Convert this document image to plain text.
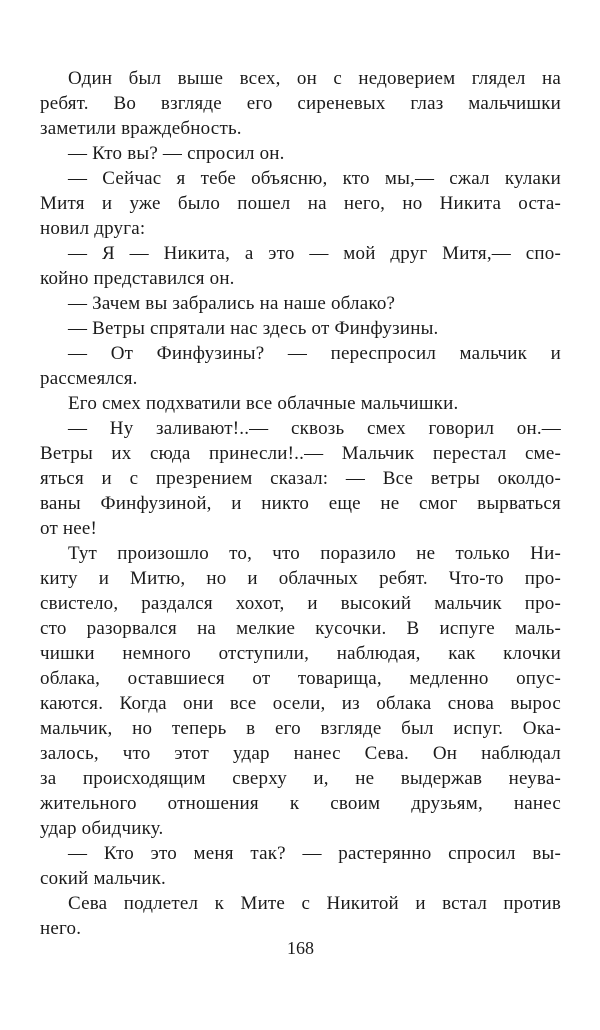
Один был выше всех, он с недоверием глядел на
ребят. Во взгляде его сиреневых глаз мальчишки
заметили враждебность.
— Кто вы? — спросил он.
— Сейчас я тебе объясню, кто мы,— сжал кулаки
Митя и уже было пошел на него, но Никита оста-
новил друга:
— Я — Никита, а это — мой друг Митя,— спо-
койно представился он.
— Зачем вы забрались на наше облако?
— Ветры спрятали нас здесь от Финфузины.
— От Финфузины? — переспросил мальчик и
рассмеялся.
Его смех подхватили все облачные мальчишки.
— Ну заливают!..— сквозь смех говорил он.—
Ветры их сюда принесли!..— Мальчик перестал сме-
яться и с презрением сказал: — Все ветры околдо-
ваны Финфузиной, и никто еще не смог вырваться
от нее!
Тут произошло то, что поразило не только Ни-
киту и Митю, но и облачных ребят. Что-то про-
свистело, раздался хохот, и высокий мальчик про-
сто разорвался на мелкие кусочки. В испуге маль-
чишки немного отступили, наблюдая, как клочки
облака, оставшиеся от товарища, медленно опус-
каются. Когда они все осели, из облака снова вырос
мальчик, но теперь в его взгляде был испуг. Ока-
залось, что этот удар нанес Сева. Он наблюдал
за происходящим сверху и, не выдержав неува-
жительного отношения к своим друзьям, нанес
удар обидчику.
— Кто это меня так? — растерянно спросил вы-
сокий мальчик.
Сева подлетел к Мите с Никитой и встал против
него.
168
